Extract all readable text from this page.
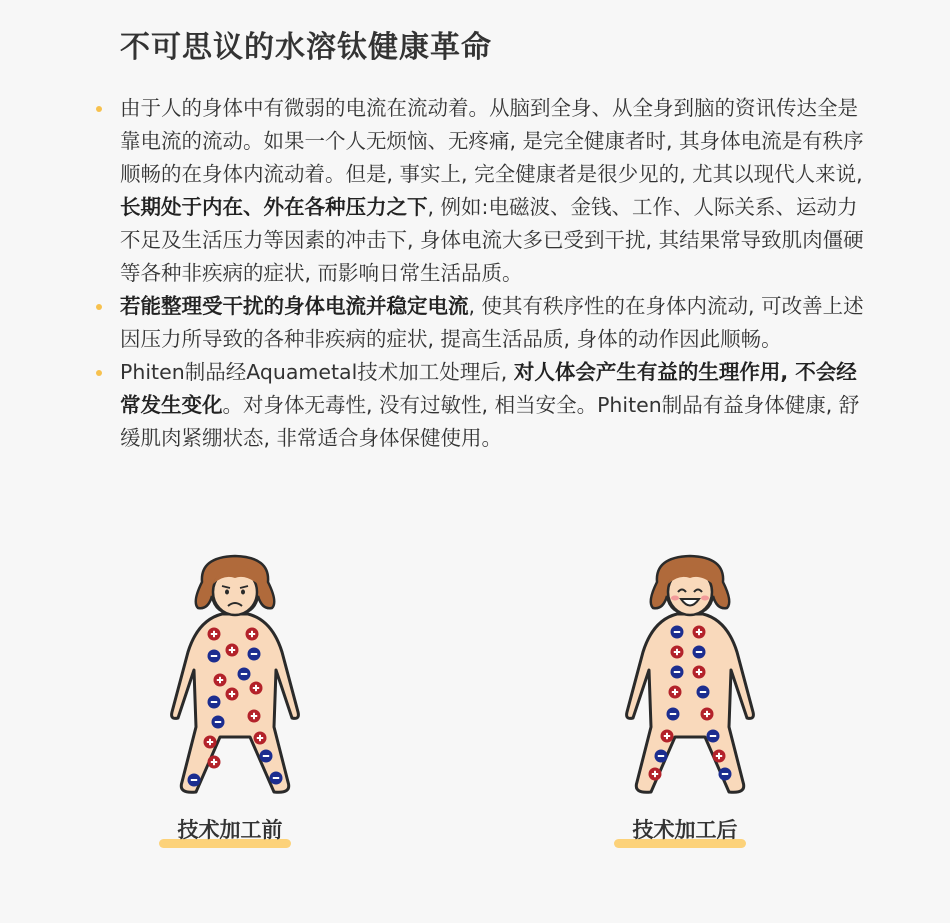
不可思议的水溶钛健康革命
由于人的身体中有微弱的电流在流动着。从脑到全身、从全身到脑的资讯传达全是靠电流的流动。如果一个人无烦恼、无疼痛, 是完全健康者时, 其身体电流是有秩序顺畅的在身体内流动着。但是, 事实上, 完全健康者是很少见的, 尤其以现代人来说, 长期处于内在、外在各种压力之下, 例如:电磁波、金钱、工作、人际关系、运动力不足及生活压力等因素的冲击下, 身体电流大多已受到干扰, 其结果常导致肌肉僵硬等各种非疾病的症状, 而影响日常生活品质。
若能整理受干扰的身体电流并稳定电流, 使其有秩序性的在身体内流动, 可改善上述因压力所导致的各种非疾病的症状, 提高生活品质, 身体的动作因此顺畅。
Phiten制品经Aquametal技术加工处理后, 对人体会产生有益的生理作用, 不会经常发生变化。对身体无毒性, 没有过敏性, 相当安全。Phiten制品有益身体健康, 舒缓肌肉紧绷状态, 非常适合身体保健使用。
技术加工前	技术加工后
